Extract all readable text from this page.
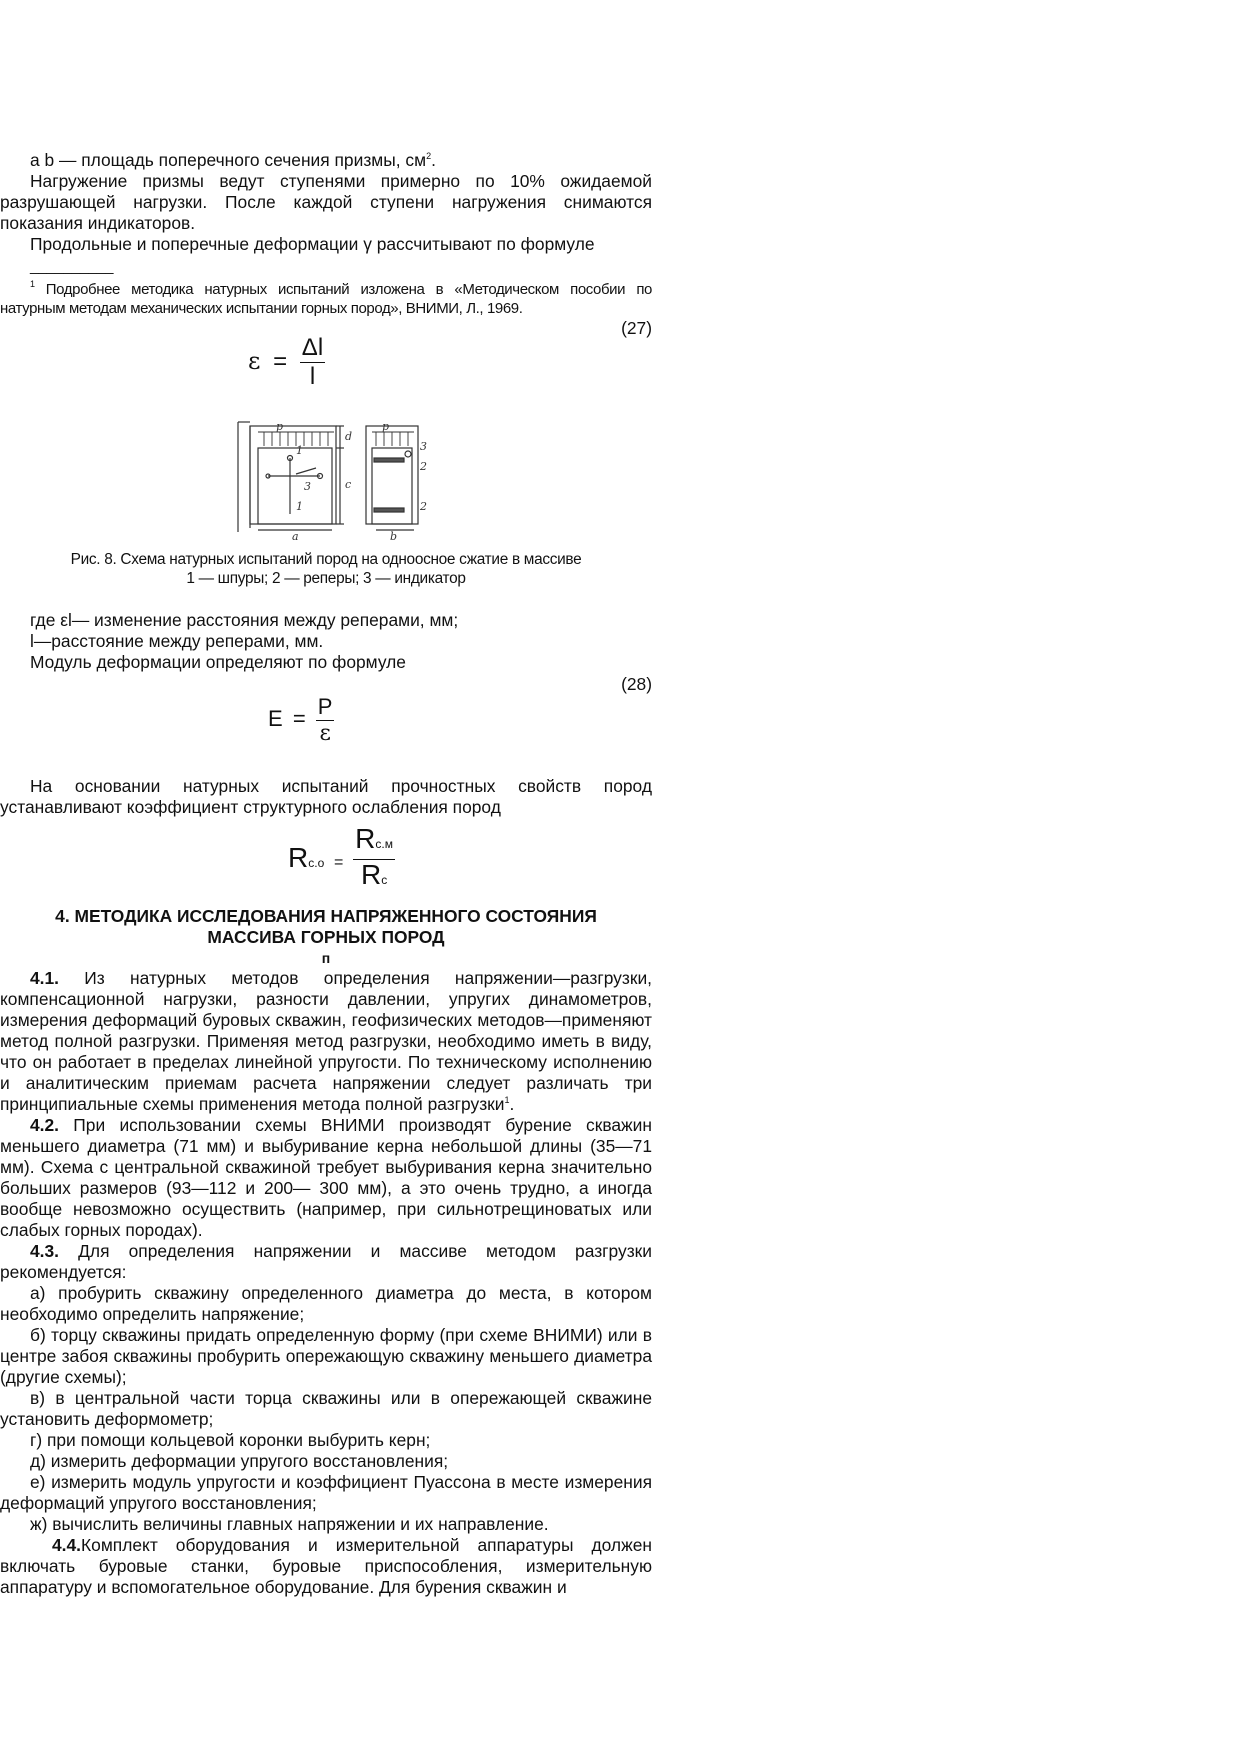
a b — площадь поперечного сечения призмы, $см^2$.

Нагружение призмы ведут ступенями примерно по 10% ожидаемой разрушающей нагрузки. После каждой ступени нагружения снимаются показания индикаторов.

Продольные и поперечные деформации γ рассчитывают по формуле

__________

$^1$ Подробнее методика натурных испытаний изложена в «Методическом пособии по натурным методам механических испытании горных пород», ВНИМИ, Л., 1969.

(27)
$\varepsilon = \frac{\Delta l}{l}$
p	p
d
c
1
3
1
a
3
2
2
b
Рис. 8. Схема натурных испытаний пород на одноосное сжатие в массиве
1 — шпуры; 2 — реперы; 3 — индикатор

где εl— изменение расстояния между реперами, мм;

l—расстояние между реперами, мм.

Модуль деформации определяют по формуле

(28)
$E = \frac{P}{\varepsilon}$

На основании натурных испытаний прочностных свойств пород устанавливают коэффициент структурного ослабления пород

$Rс.о = \frac{Rс.м}{Rс}$
4. МЕТОДИКА ИССЛЕДОВАНИЯ НАПРЯЖЕННОГО СОСТОЯНИЯ
МАССИВА ГОРНЫХ ПОРОД
п

4.1. Из натурных методов определения напряжении—разгрузки, компенсационной нагрузки, разности давлении, упругих динамометров, измерения деформаций буровых скважин, геофизических методов—применяют метод полной разгрузки. Применяя метод разгрузки, необходимо иметь в виду, что он работает в пределах линейной упругости. По техническому исполнению и аналитическим приемам расчета напряжении следует различать три принципиальные схемы применения метода полной разгрузки$^1$.

4.2. При использовании схемы ВНИМИ производят бурение скважин меньшего диаметра (71 мм) и выбуривание керна небольшой длины (35—71 мм). Схема с центральной скважиной требует выбуривания керна значительно больших размеров (93—112 и 200— 300 мм), а это очень трудно, а иногда вообще невозможно осуществить (например, при сильнотрещиноватых или слабых горных породах).

4.3. Для определения напряжении и массиве методом разгрузки рекомендуется:

а) пробурить скважину определенного диаметра до места, в котором необходимо определить напряжение;

б) торцу скважины придать определенную форму (при схеме ВНИМИ) или в центре забоя скважины пробурить опережающую скважину меньшего диаметра (другие схемы);

в) в центральной части торца скважины или в опережающей скважине установить деформометр;

г) при помощи кольцевой коронки выбурить керн;

д) измерить деформации упругого восстановления;

е) измерить модуль упругости и коэффициент Пуассона в месте измерения деформаций упругого восстановления;

ж) вычислить величины главных напряжении и их направление.

4.4.Комплект оборудования и измерительной аппаратуры должен включать буровые станки, буровые приспособления, измерительную аппаратуру и вспомогательное оборудование. Для бурения скважин и
